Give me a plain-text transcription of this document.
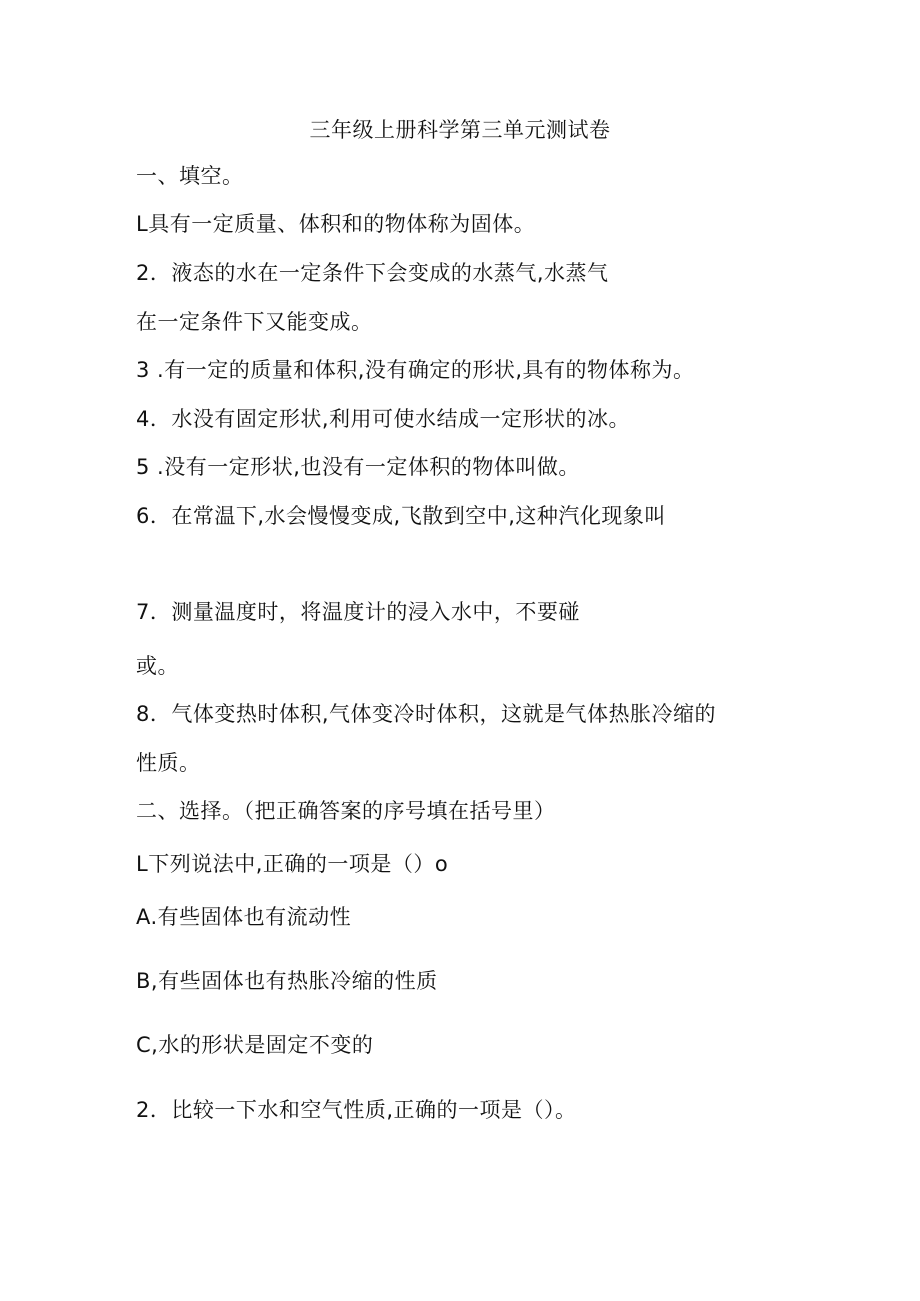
三年级上册科学第三单元测试卷
一、填空。
L具有一定质量、体积和的物体称为固体。
2．液态的水在一定条件下会变成的水蒸气,水蒸气
在一定条件下又能变成。
3 .有一定的质量和体积,没有确定的形状,具有的物体称为。
4．水没有固定形状,利用可使水结成一定形状的冰。
5 .没有一定形状,也没有一定体积的物体叫做。
6．在常温下,水会慢慢变成,飞散到空中,这种汽化现象叫
7．测量温度时，将温度计的浸入水中，不要碰
或。
8．气体变热时体积,气体变冷时体积，这就是气体热胀冷缩的
性质。
二、选择。（把正确答案的序号填在括号里）
L下列说法中,正确的一项是（）o
A.有些固体也有流动性
B,有些固体也有热胀冷缩的性质
C,水的形状是固定不变的
2．比较一下水和空气性质,正确的一项是（）。
